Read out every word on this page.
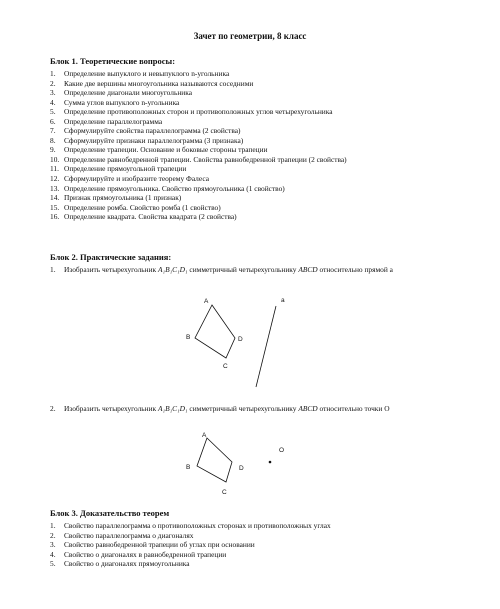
Зачет по геометрии, 8 класс
Блок 1. Теоретические вопросы:
1.	Определение выпуклого и невыпуклого n-угольника
2.	Какие две вершины многоугольника называются соседними
3.	Определение диагонали многоугольника
4.	Сумма углов выпуклого n-угольника
5.	Определение противоположных сторон и противоположных углов четырехугольника
6.	Определение параллелограмма
7.	Сформулируйте свойства параллелограмма (2 свойства)
8.	Сформулируйте признаки параллелограмма (3 признака)
9.	Определение трапеции. Основание и боковые стороны трапеции
10. Определение равнобедренной трапеции. Свойства равнобедренной трапеции (2 свойства)
11. Определение прямоугольной трапеции
12. Сформулируйте и изобразите теорему Фалеса
13. Определение прямоугольника. Свойство прямоугольника (1 свойство)
14. Признак прямоугольника (1 признак)
15. Определение ромба. Свойство ромба (1 свойство)
16. Определение квадрата. Свойства квадрата (2 свойства)
Блок 2. Практические задания:
1. Изобразить четырехугольник A₁B₁C₁D₁ симметричный четырехугольнику ABCD относительно прямой а
A
B
C
D
a
A
B
C
D
O
2. Изобразить четырехугольник A₁B₁C₁D₁ симметричный четырехугольнику ABCD относительно точки О
Блок 3. Доказательство теорем
1.	Свойство параллелограмма о противоположных сторонах и противоположных углах
2.	Свойство параллелограмма о диагоналях
3.	Свойство равнобедренной трапеции об углах при основании
4.	Свойство о диагоналях в равнобедренной трапеции
5.	Свойство о диагоналях прямоугольника
